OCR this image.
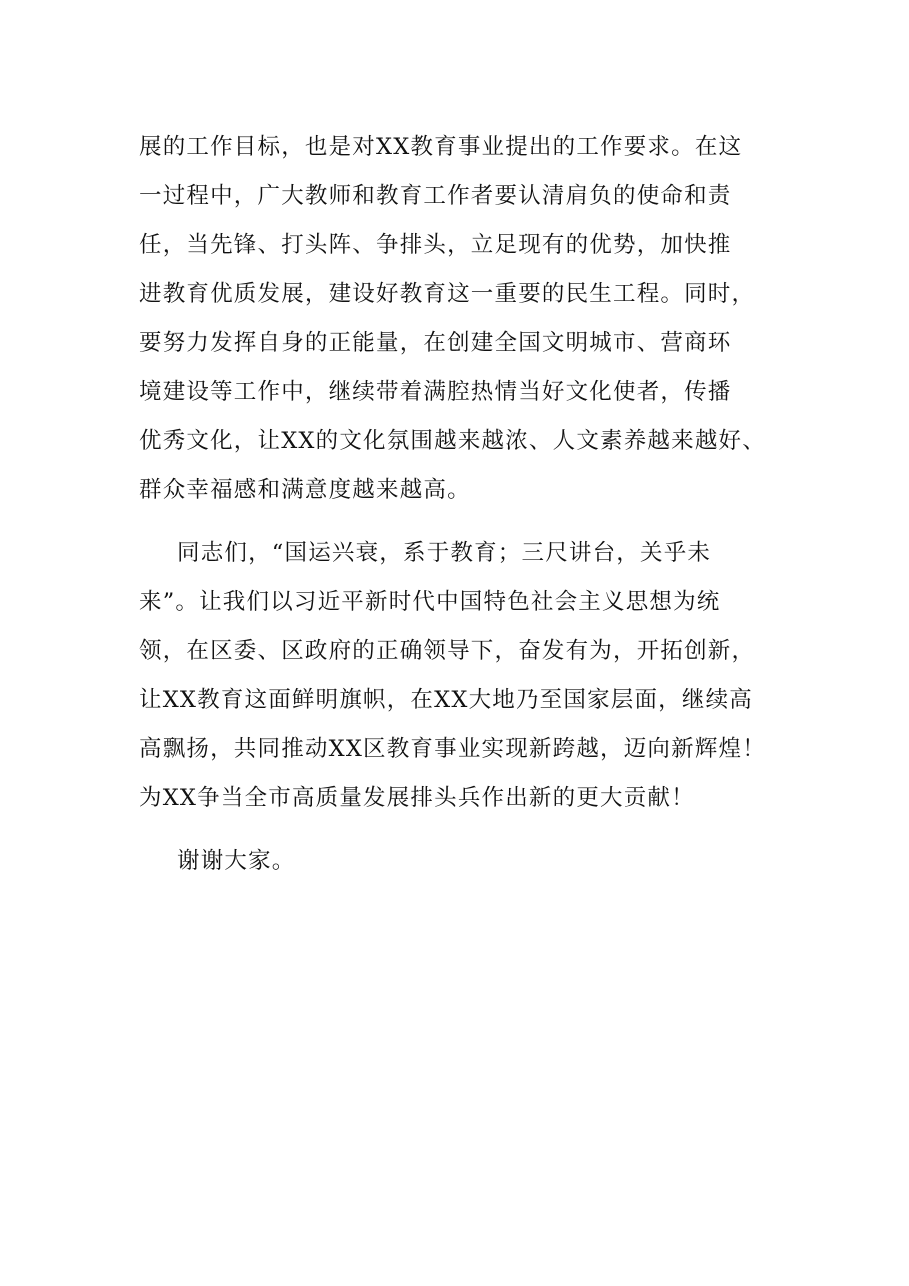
展的工作目标，也是对XX教育事业提出的工作要求。在这
一过程中，广大教师和教育工作者要认清肩负的使命和责
任，当先锋、打头阵、争排头，立足现有的优势，加快推
进教育优质发展，建设好教育这一重要的民生工程。同时，
要努力发挥自身的正能量，在创建全国文明城市、营商环
境建设等工作中，继续带着满腔热情当好文化使者，传播
优秀文化，让XX的文化氛围越来越浓、人文素养越来越好、
群众幸福感和满意度越来越高。
同志们，“国运兴衰，系于教育；三尺讲台，关乎未
来”。让我们以习近平新时代中国特色社会主义思想为统
领，在区委、区政府的正确领导下，奋发有为，开拓创新，
让XX教育这面鲜明旗帜，在XX大地乃至国家层面，继续高
高飘扬，共同推动XX区教育事业实现新跨越，迈向新辉煌！
为XX争当全市高质量发展排头兵作出新的更大贡献！
谢谢大家。
